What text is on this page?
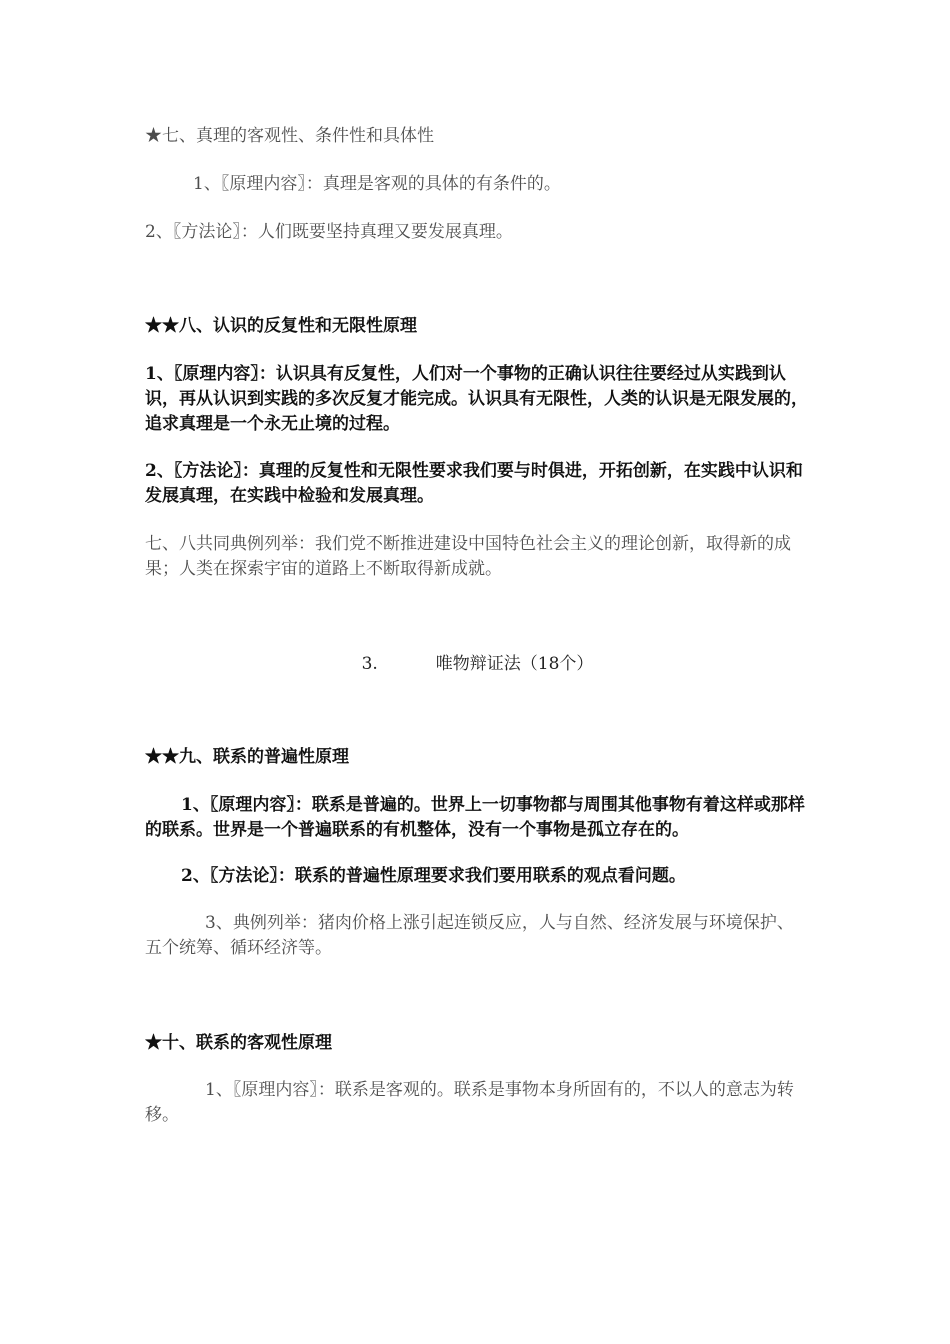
★七、真理的客观性、条件性和具体性

1、〖原理内容〗：真理是客观的具体的有条件的。

2、〖方法论〗：人们既要坚持真理又要发展真理。

★★八、认识的反复性和无限性原理

1、〖原理内容〗：认识具有反复性，人们对一个事物的正确认识往往要经过从实践到认识，再从认识到实践的多次反复才能完成。认识具有无限性，人类的认识是无限发展的，追求真理是一个永无止境的过程。

2、〖方法论〗：真理的反复性和无限性要求我们要与时俱进，开拓创新，在实践中认识和发展真理，在实践中检验和发展真理。

七、八共同典例列举：我们党不断推进建设中国特色社会主义的理论创新，取得新的成果；人类在探索宇宙的道路上不断取得新成就。

3.	唯物辩证法（18个）

★★九、联系的普遍性原理

1、〖原理内容〗：联系是普遍的。世界上一切事物都与周围其他事物有着这样或那样的联系。世界是一个普遍联系的有机整体，没有一个事物是孤立存在的。

2、〖方法论〗：联系的普遍性原理要求我们要用联系的观点看问题。

3、典例列举：猪肉价格上涨引起连锁反应，人与自然、经济发展与环境保护、五个统筹、循环经济等。

★十、联系的客观性原理

1、〖原理内容〗：联系是客观的。联系是事物本身所固有的，不以人的意志为转移。
